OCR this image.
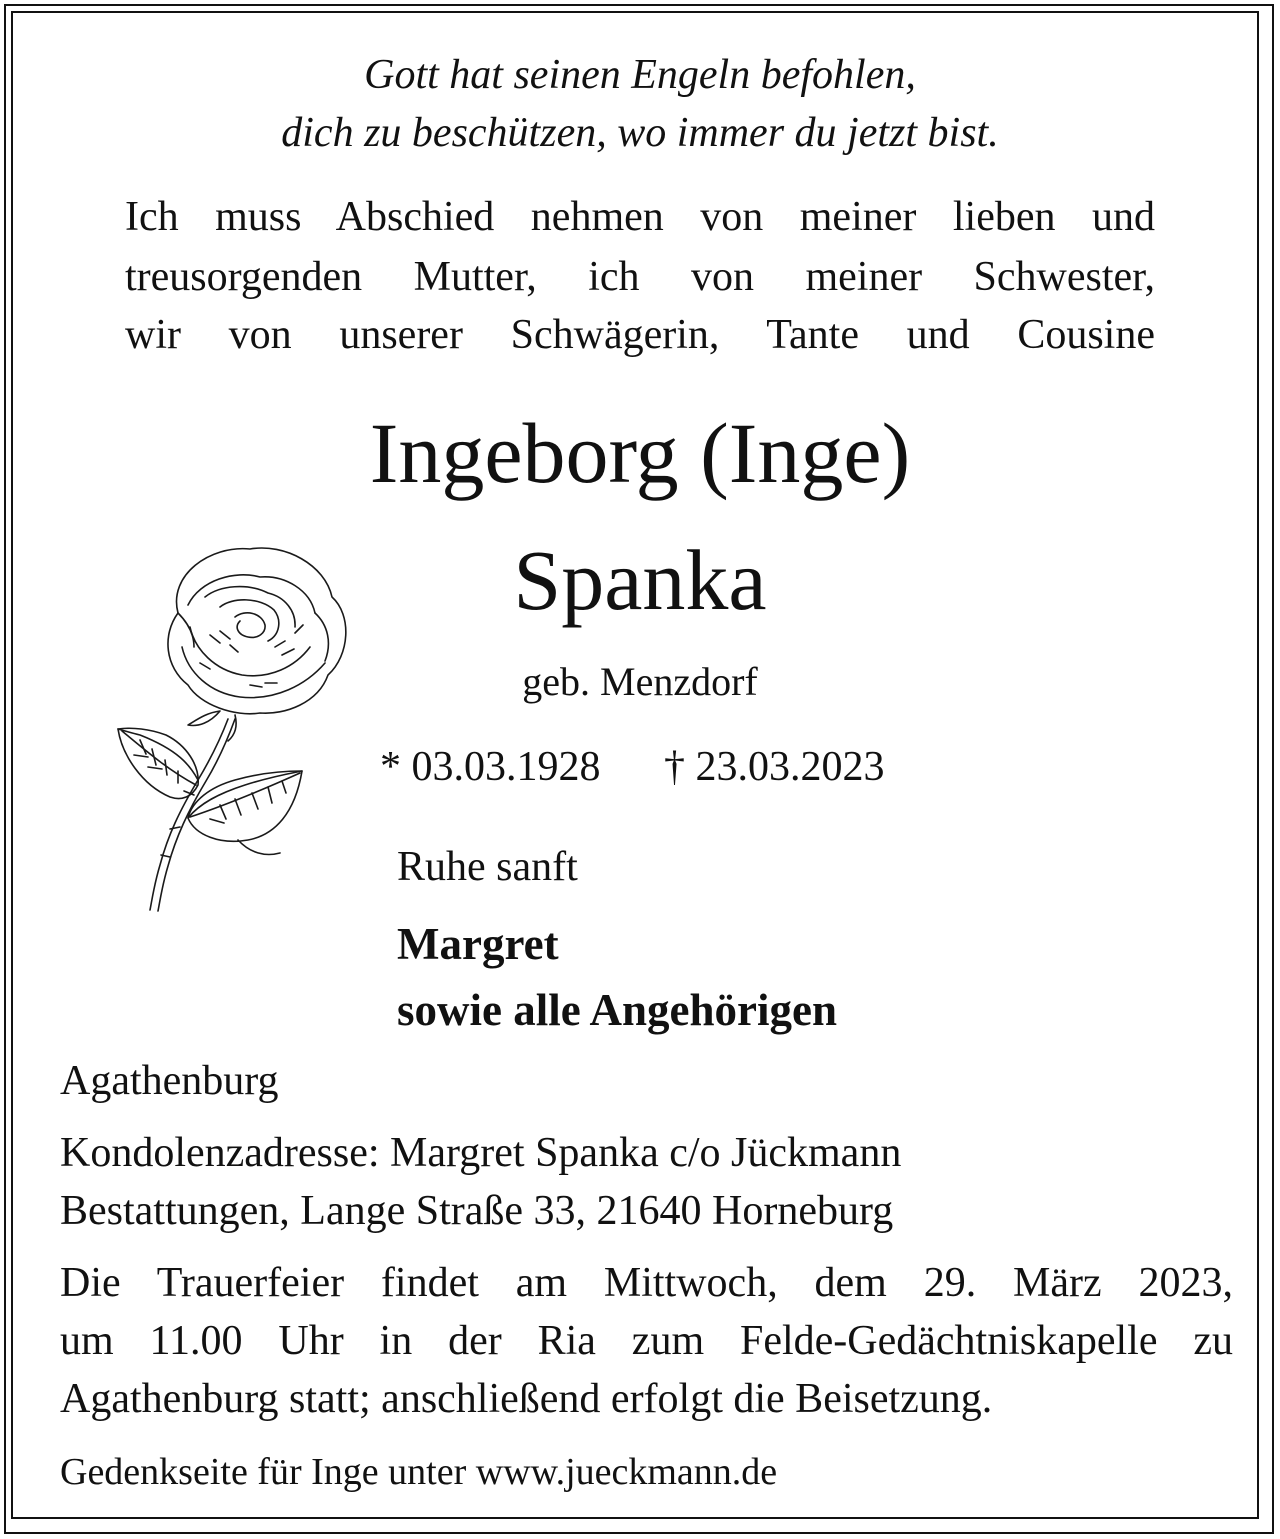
Gott hat seinen Engeln befohlen,
dich zu beschützen, wo immer du jetzt bist.
Ich muss Abschied nehmen von meiner lieben und
treusorgenden Mutter, ich von meiner Schwester,
wir von unserer Schwägerin, Tante und Cousine
Ingeborg (Inge)
Spanka
geb. Menzdorf
* 03.03.1928 † 23.03.2023
Ruhe sanft
Margret
sowie alle Angehörigen
Agathenburg
Kondolenzadresse: Margret Spanka c/o Jückmann
Bestattungen, Lange Straße 33, 21640 Horneburg
Die Trauerfeier findet am Mittwoch, dem 29. März 2023,
um 11.00 Uhr in der Ria zum Felde-Gedächtniskapelle zu
Agathenburg statt; anschließend erfolgt die Beisetzung.
Gedenkseite für Inge unter www.jueckmann.de
